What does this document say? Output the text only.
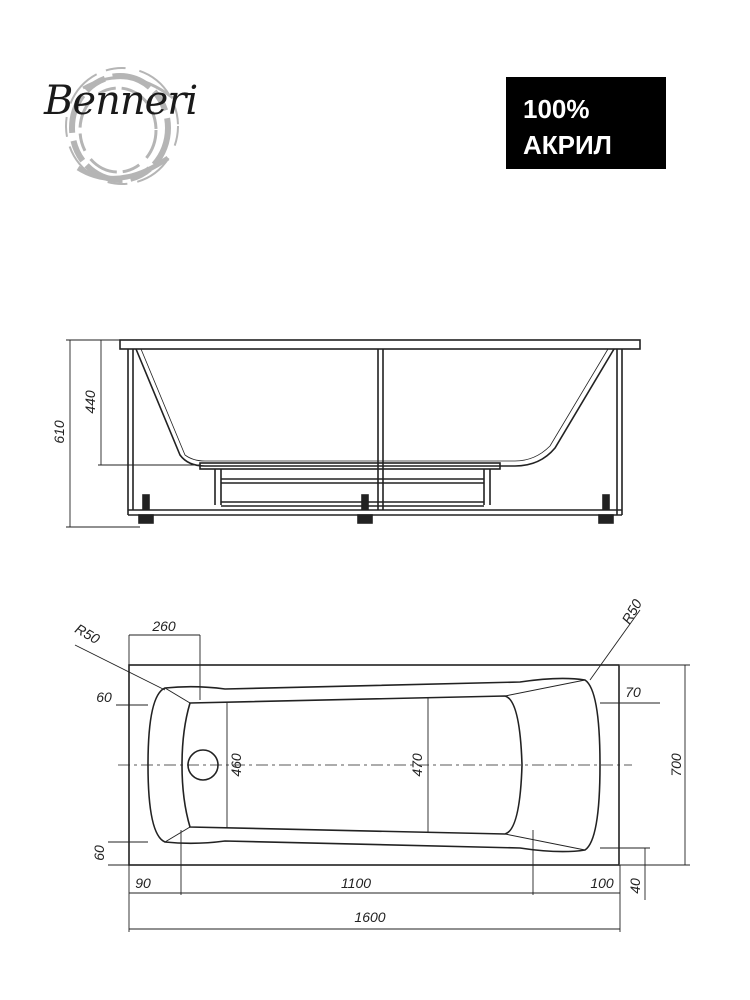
Benneri	100%
АКРИЛ
610
440
R50
R50
260
60	70
460	470	700
60
90	1100	100 40
1600
